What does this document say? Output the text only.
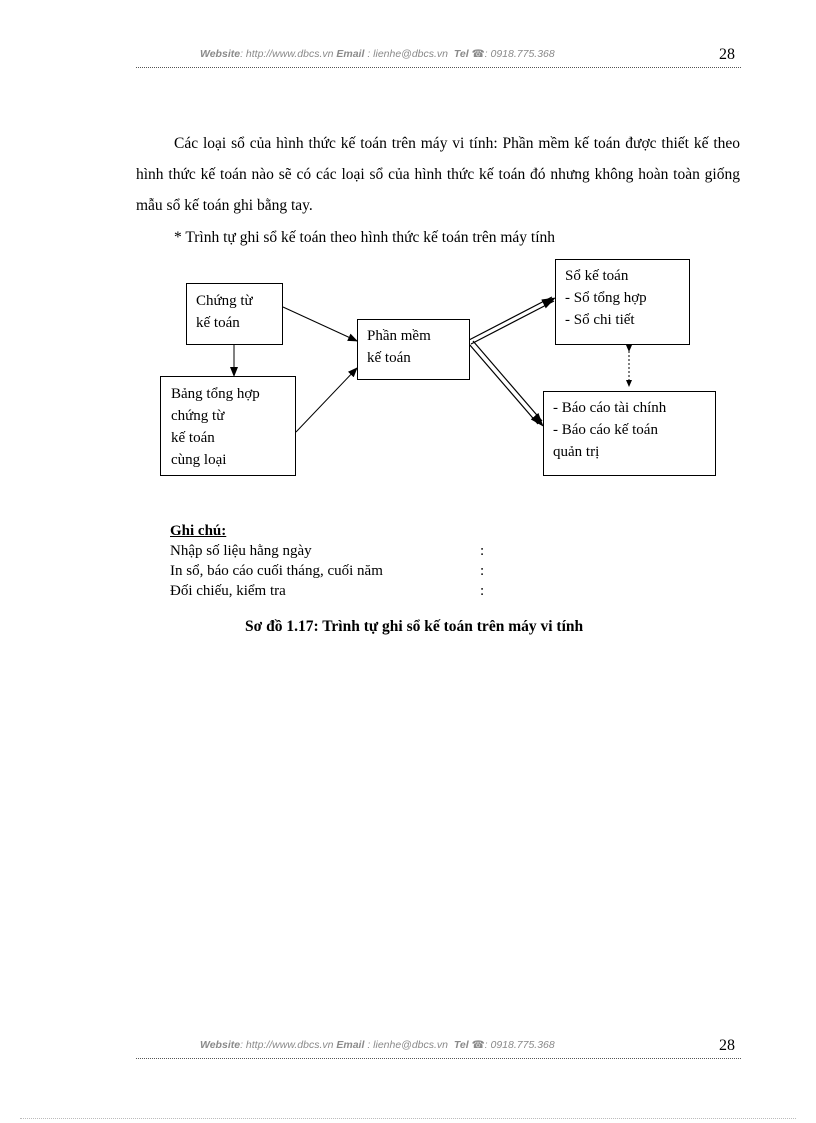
Website: http://www.dbcs.vn Email : lienhe@dbcs.vn Tel ☎: 0918.775.368	28

Các loại sổ của hình thức kế toán trên máy vi tính: Phần mềm kế toán được thiết kế theo hình thức kế toán nào sẽ có các loại sổ của hình thức kế toán đó nhưng không hoàn toàn giống mẫu sổ kế toán ghi bằng tay.

* Trình tự ghi sổ kế toán theo hình thức kế toán trên máy tính

Chứng từ
kế toán
Bảng tổng hợp
chứng từ
kế toán
cùng loại
Phần mềm
kế toán
Sổ kế toán
- Sổ tổng hợp
- Sổ chi tiết
- Báo cáo tài chính
- Báo cáo kế toán
quản trị
Ghi chú:
Nhập số liệu hằng ngày	:
In sổ, báo cáo cuối tháng, cuối năm	:
Đối chiếu, kiểm tra	:
Sơ đồ 1.17: Trình tự ghi sổ kế toán trên máy vi tính
Website: http://www.dbcs.vn Email : lienhe@dbcs.vn Tel ☎: 0918.775.368	28
